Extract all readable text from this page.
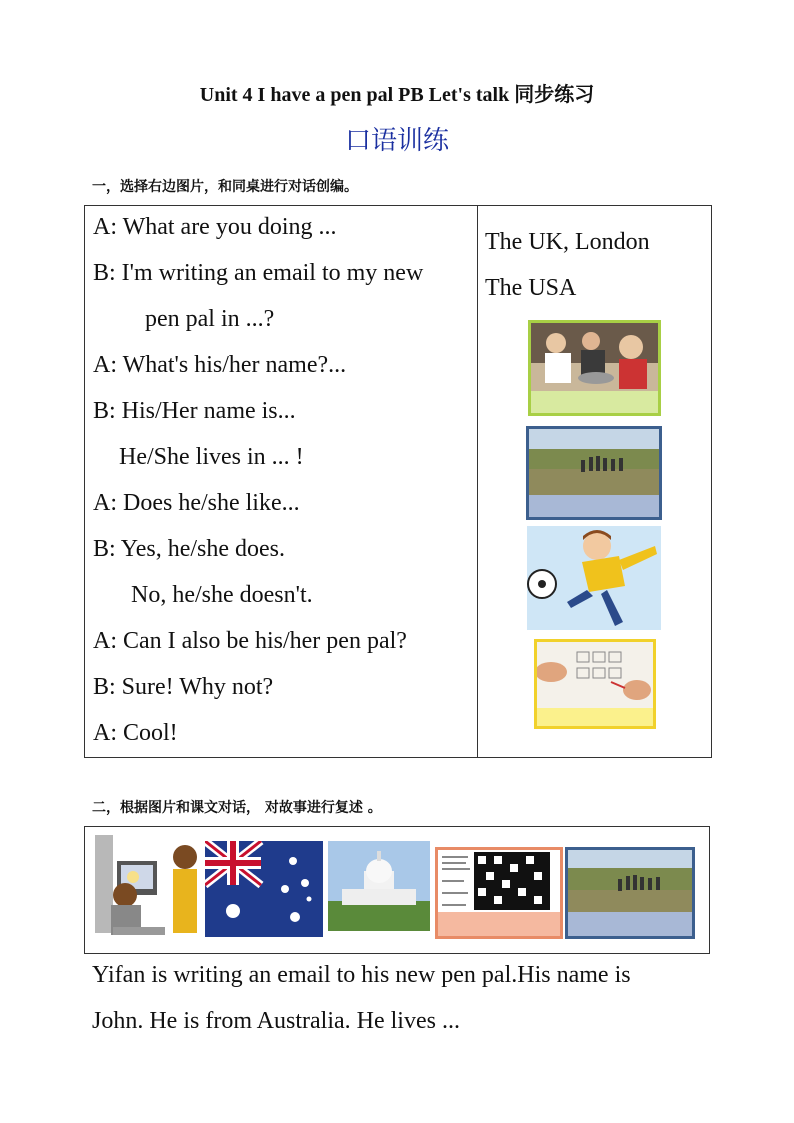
Unit 4 I have a pen pal PB Let's talk 同步练习
口语训练
一，选择右边图片，和同桌进行对话创编。
A: What are you doing ...
B: I'm writing an email to my new
pen pal in ...?
A: What's his/her name?...
B: His/Her name is...
He/She lives in ... !
A: Does he/she like...
B: Yes, he/she does.
No, he/she doesn't.
A: Can I also be his/her pen pal?
B: Sure! Why not?
A: Cool!
The UK, London
The USA
二，根据图片和课文对话， 对故事进行复述 。
Yifan is writing an email to his new pen pal.His name is
John. He is from Australia. He lives ...
